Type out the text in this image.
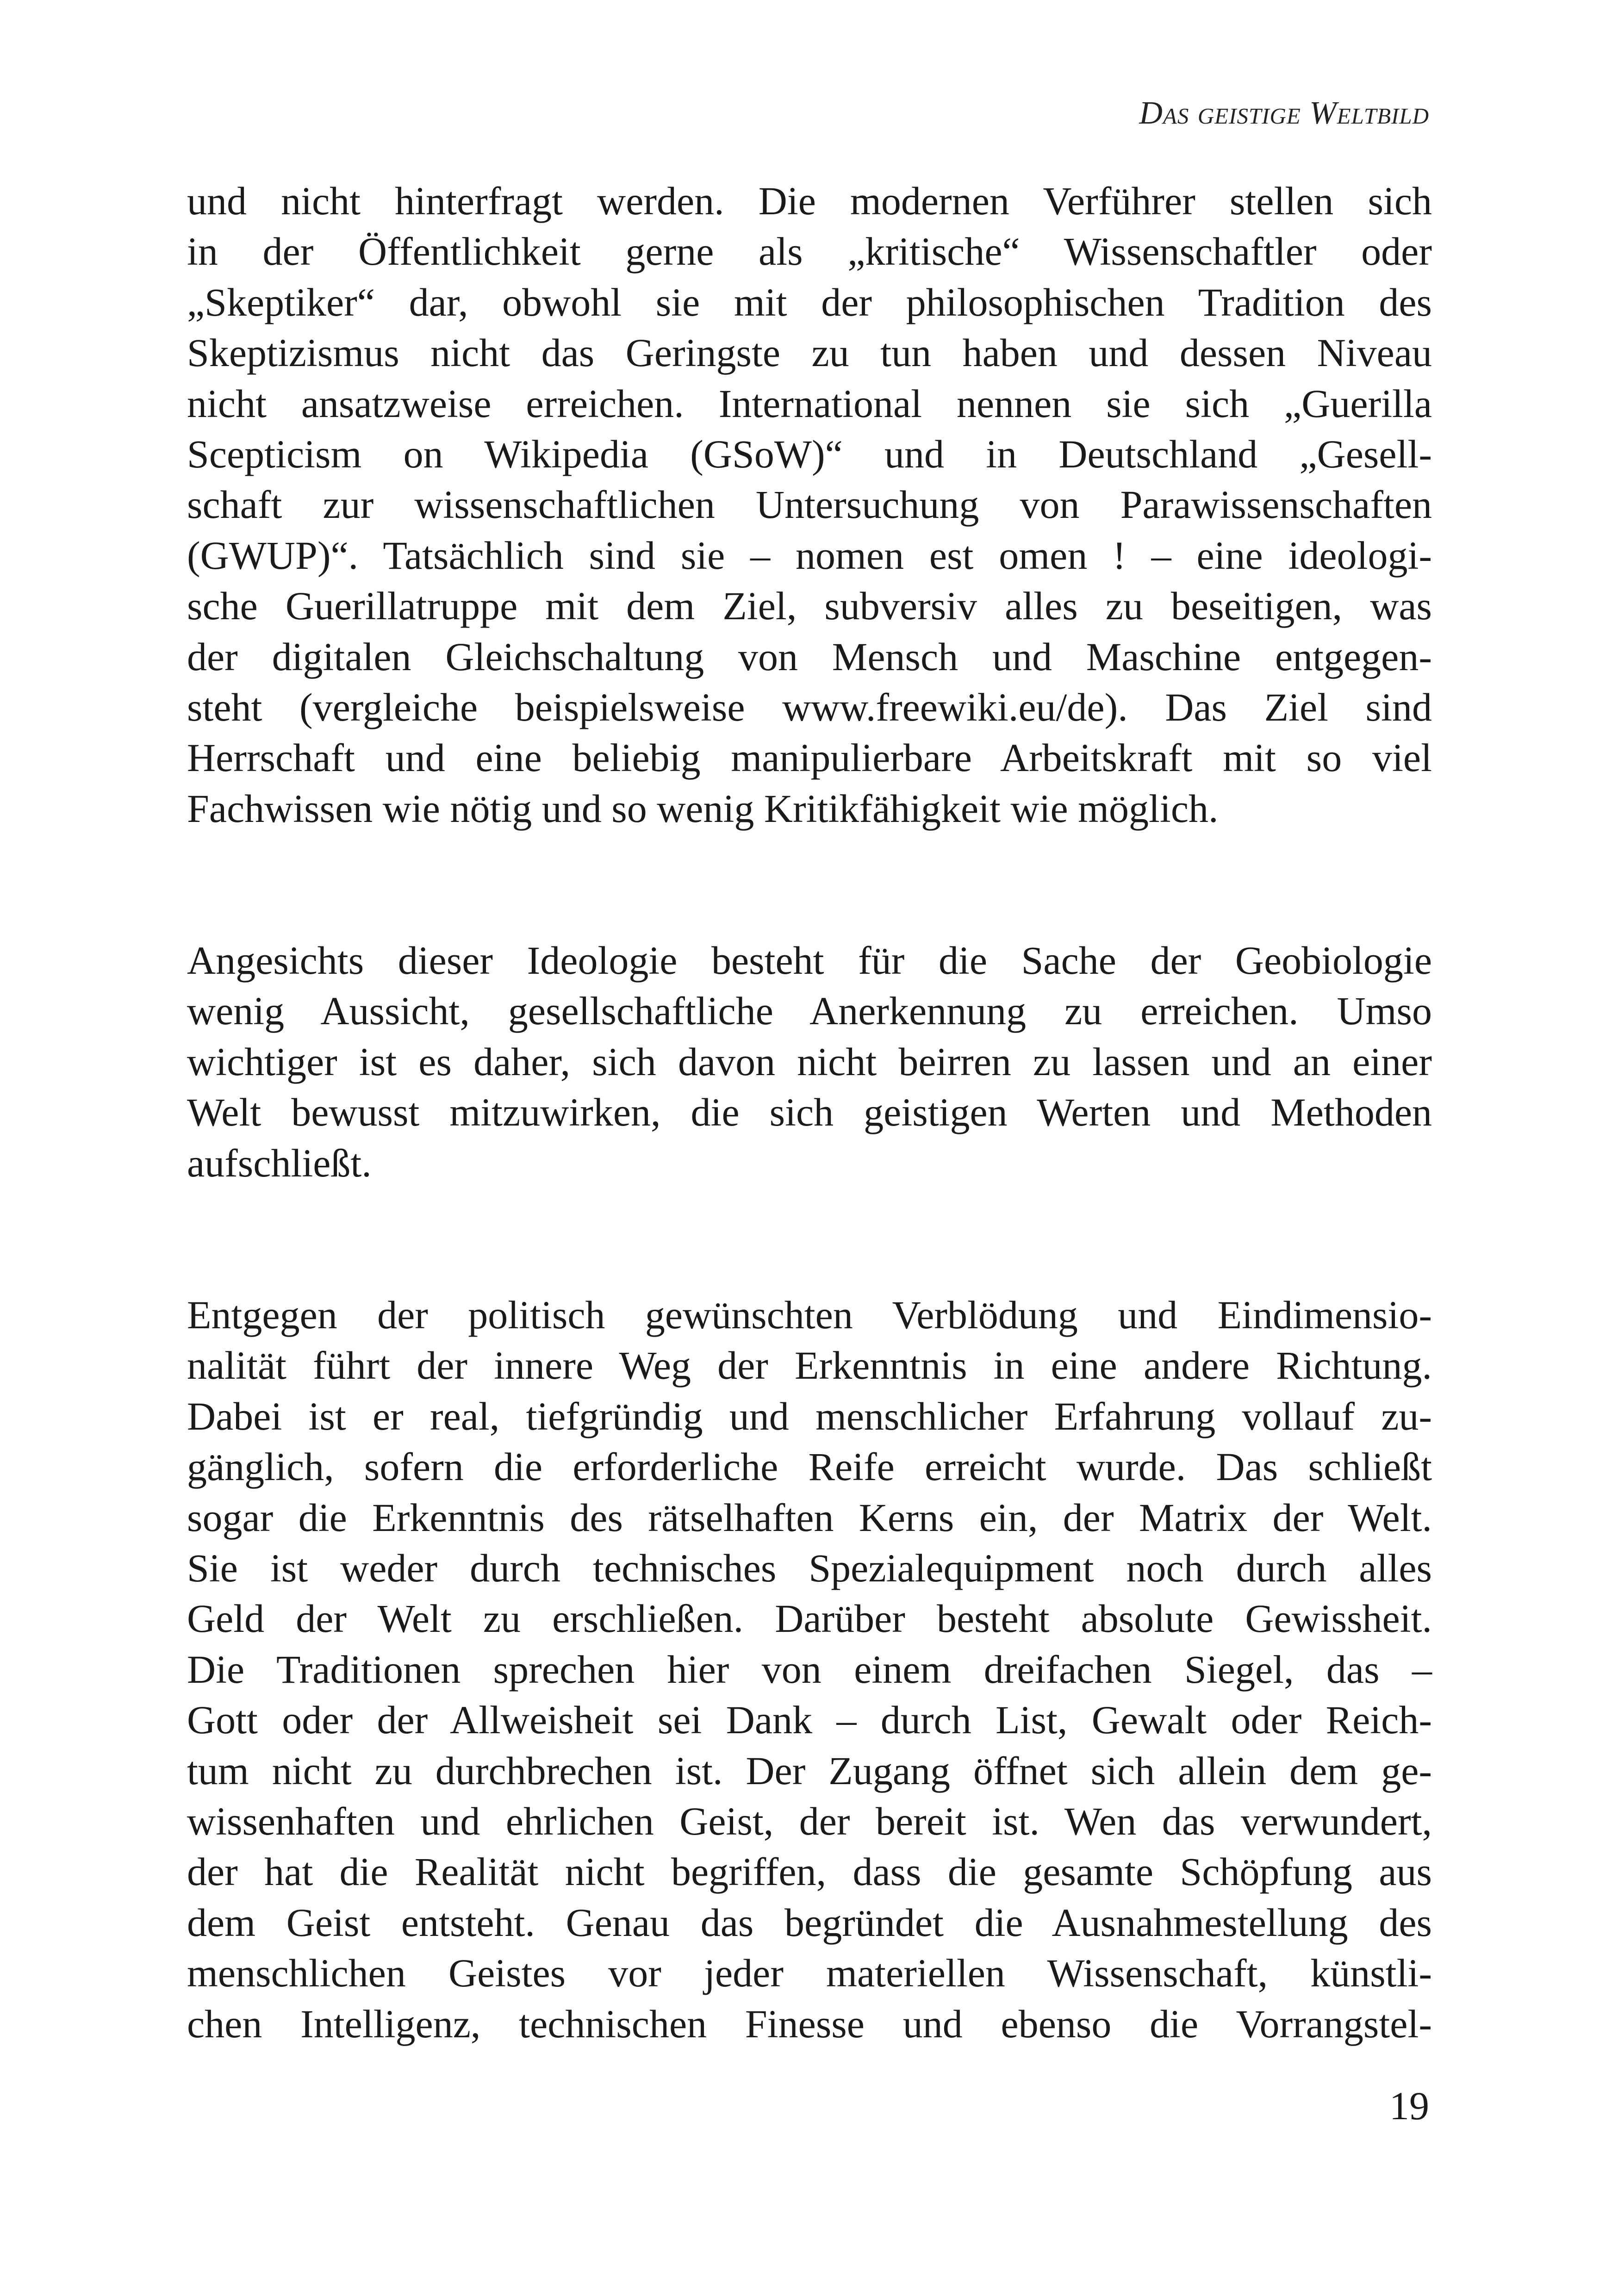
Das geistige Weltbild
und nicht hinterfragt werden. Die modernen Verführer stellen sich
in der Öffentlichkeit gerne als „kritische“ Wissenschaftler oder
„Skeptiker“ dar, obwohl sie mit der philosophischen Tradition des
Skeptizismus nicht das Geringste zu tun haben und dessen Niveau
nicht ansatzweise erreichen. International nennen sie sich „Guerilla
Scepticism on Wikipedia (GSoW)“ und in Deutschland „Gesell-
schaft zur wissenschaftlichen Untersuchung von Parawissenschaften
(GWUP)“. Tatsächlich sind sie – nomen est omen ! – eine ideologi-
sche Guerillatruppe mit dem Ziel, subversiv alles zu beseitigen, was
der digitalen Gleichschaltung von Mensch und Maschine entgegen-
steht (vergleiche beispielsweise www.freewiki.eu/de). Das Ziel sind
Herrschaft und eine beliebig manipulierbare Arbeitskraft mit so viel
Fachwissen wie nötig und so wenig Kritikfähigkeit wie möglich.
Angesichts dieser Ideologie besteht für die Sache der Geobiologie
wenig Aussicht, gesellschaftliche Anerkennung zu erreichen. Umso
wichtiger ist es daher, sich davon nicht beirren zu lassen und an einer
Welt bewusst mitzuwirken, die sich geistigen Werten und Methoden
aufschließt.
Entgegen der politisch gewünschten Verblödung und Eindimensio-
nalität führt der innere Weg der Erkenntnis in eine andere Richtung.
Dabei ist er real, tiefgründig und menschlicher Erfahrung vollauf zu-
gänglich, sofern die erforderliche Reife erreicht wurde. Das schließt
sogar die Erkenntnis des rätselhaften Kerns ein, der Matrix der Welt.
Sie ist weder durch technisches Spezialequipment noch durch alles
Geld der Welt zu erschließen. Darüber besteht absolute Gewissheit.
Die Traditionen sprechen hier von einem dreifachen Siegel, das –
Gott oder der Allweisheit sei Dank – durch List, Gewalt oder Reich-
tum nicht zu durchbrechen ist. Der Zugang öffnet sich allein dem ge-
wissenhaften und ehrlichen Geist, der bereit ist. Wen das verwundert,
der hat die Realität nicht begriffen, dass die gesamte Schöpfung aus
dem Geist entsteht. Genau das begründet die Ausnahmestellung des
menschlichen Geistes vor jeder materiellen Wissenschaft, künstli-
chen Intelligenz, technischen Finesse und ebenso die Vorrangstel-
19
